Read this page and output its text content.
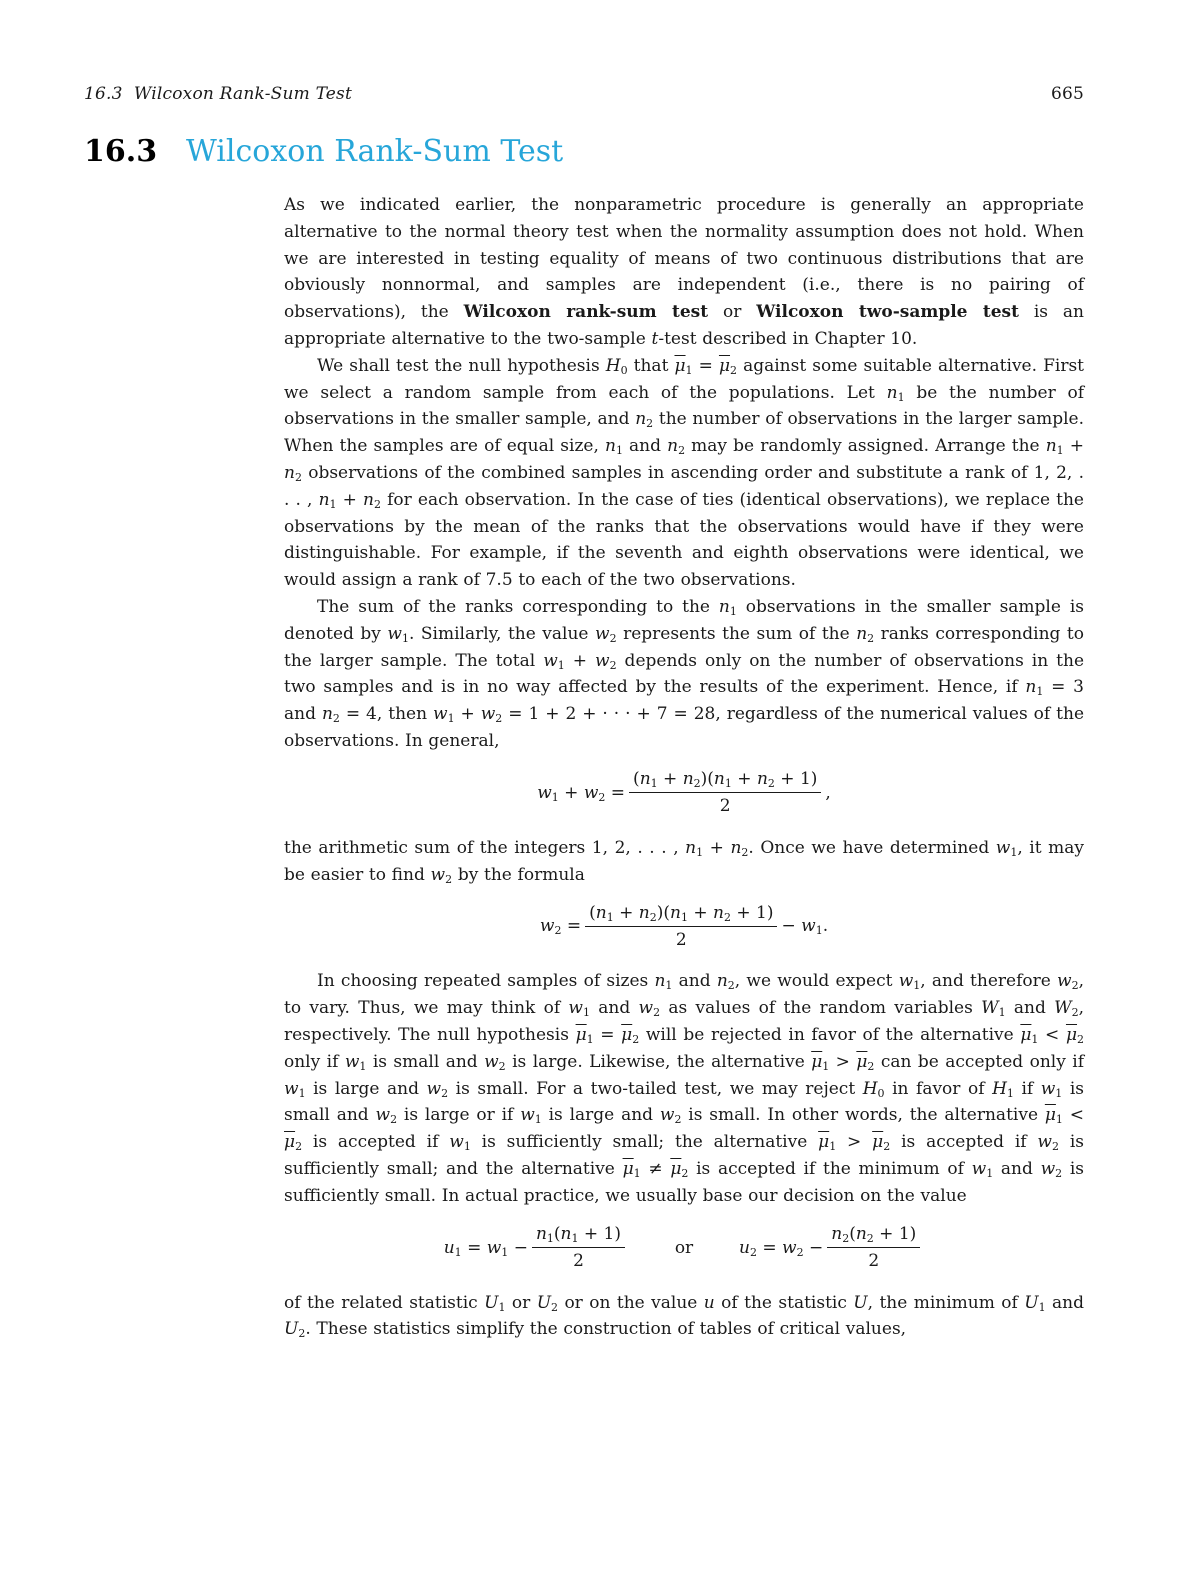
16.3  Wilcoxon Rank-Sum Test	665
16.3 Wilcoxon Rank-Sum Test

As we indicated earlier, the nonparametric procedure is generally an appropriate alternative to the normal theory test when the normality assumption does not hold. When we are interested in testing equality of means of two continuous distributions that are obviously nonnormal, and samples are independent (i.e., there is no pairing of observations), the Wilcoxon rank-sum test or Wilcoxon two-sample test is an appropriate alternative to the two-sample t-test described in Chapter 10.

We shall test the null hypothesis $H_0$ that $\overline{\mu}_1 = \overline{\mu}_2$ against some suitable alternative. First we select a random sample from each of the populations. Let $n_1$ be the number of observations in the smaller sample, and $n_2$ the number of observations in the larger sample. When the samples are of equal size, $n_1$ and $n_2$ may be randomly assigned. Arrange the $n_1 + n_2$ observations of the combined samples in ascending order and substitute a rank of 1, 2, . . . , $n_1 + n_2$ for each observation. In the case of ties (identical observations), we replace the observations by the mean of the ranks that the observations would have if they were distinguishable. For example, if the seventh and eighth observations were identical, we would assign a rank of 7.5 to each of the two observations.

The sum of the ranks corresponding to the $n_1$ observations in the smaller sample is denoted by $w_1$. Similarly, the value $w_2$ represents the sum of the $n_2$ ranks corresponding to the larger sample. The total $w_1 + w_2$ depends only on the number of observations in the two samples and is in no way affected by the results of the experiment. Hence, if $n_1 = 3$ and $n_2 = 4$, then $w_1 + w_2 = 1 + 2$ + · · · + 7 = 28, regardless of the numerical values of the observations. In general,

$w_1 + w_2 = \frac{(n_1 + n_2)(n_1 + n_2 + 1)}{2}$ ,

the arithmetic sum of the integers 1, 2, . . . , $n_1 + n_2$. Once we have determined $w_1$, it may be easier to find $w_2$ by the formula

$w_2 = \frac{(n_1 + n_2)(n_1 + n_2 + 1)}{2} - w_1$.

In choosing repeated samples of sizes $n_1$ and $n_2$, we would expect $w_1$, and therefore $w_2$, to vary. Thus, we may think of $w_1$ and $w_2$ as values of the random variables $W_1$ and $W_2$, respectively. The null hypothesis $\overline{\mu}_1 = \overline{\mu}_2$ will be rejected in favor of the alternative $\overline{\mu}_1 < \overline{\mu}_2$ only if $w_1$ is small and $w_2$ is large. Likewise, the alternative $\overline{\mu}_1 > \overline{\mu}_2$ can be accepted only if $w_1$ is large and $w_2$ is small. For a two-tailed test, we may reject $H_0$ in favor of $H_1$ if $w_1$ is small and $w_2$ is large or if $w_1$ is large and $w_2$ is small. In other words, the alternative $\overline{\mu}_1 < \overline{\mu}_2$ is accepted if $w_1$ is sufficiently small; the alternative $\overline{\mu}_1 > \overline{\mu}_2$ is accepted if $w_2$ is sufficiently small; and the alternative $\overline{\mu}_1 \ne \overline{\mu}_2$ is accepted if the minimum of $w_1$ and $w_2$ is sufficiently small. In actual practice, we usually base our decision on the value

$u_1 = w_1 - \frac{n_1(n_1 + 1)}{2}$	or	$u_2 = w_2 - \frac{n_2(n_2 + 1)}{2}$

of the related statistic $U_1$ or $U_2$ or on the value u of the statistic U, the minimum of $U_1$ and $U_2$. These statistics simplify the construction of tables of critical values,
